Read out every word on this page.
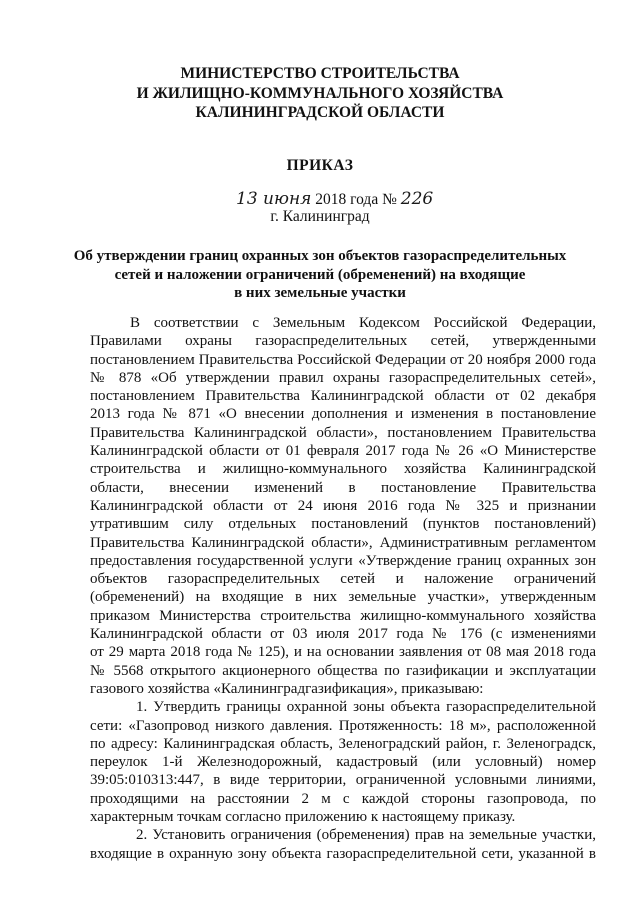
МИНИСТЕРСТВО СТРОИТЕЛЬСТВА
И ЖИЛИЩНО-КОММУНАЛЬНОГО ХОЗЯЙСТВА
КАЛИНИНГРАДСКОЙ ОБЛАСТИ
ПРИКАЗ
13 июня 2018 года № 226
г. Калининград
Об утверждении границ охранных зон объектов газораспределительных
сетей и наложении ограничений (обременений) на входящие
в них земельные участки
В соответствии с Земельным Кодексом Российской Федерации,
Правилами охраны газораспределительных сетей, утвержденными
постановлением Правительства Российской Федерации от 20 ноября 2000 года
№ 878 «Об утверждении правил охраны газораспределительных сетей»,
постановлением Правительства Калининградской области от 02 декабря
2013 года № 871 «О внесении дополнения и изменения в постановление
Правительства Калининградской области», постановлением Правительства
Калининградской области от 01 февраля 2017 года № 26 «О Министерстве
строительства и жилищно-коммунального хозяйства Калининградской
области, внесении изменений в постановление Правительства
Калининградской области от 24 июня 2016 года № 325 и признании
утратившим силу отдельных постановлений (пунктов постановлений)
Правительства Калининградской области», Административным регламентом
предоставления государственной услуги «Утверждение границ охранных зон
объектов газораспределительных сетей и наложение ограничений
(обременений) на входящие в них земельные участки», утвержденным
приказом Министерства строительства жилищно-коммунального хозяйства
Калининградской области от 03 июля 2017 года № 176 (с изменениями
от 29 марта 2018 года № 125), и на основании заявления от 08 мая 2018 года
№ 5568 открытого акционерного общества по газификации и эксплуатации
газового хозяйства «Калининградгазификация», приказываю:
1. Утвердить границы охранной зоны объекта газораспределительной
сети: «Газопровод низкого давления. Протяженность: 18 м», расположенной
по адресу: Калининградская область, Зеленоградский район, г. Зеленоградск,
переулок 1-й Железнодорожный, кадастровый (или условный) номер
39:05:010313:447, в виде территории, ограниченной условными линиями,
проходящими на расстоянии 2 м с каждой стороны газопровода, по
характерным точкам согласно приложению к настоящему приказу.
2. Установить ограничения (обременения) прав на земельные участки,
входящие в охранную зону объекта газораспределительной сети, указанной в
